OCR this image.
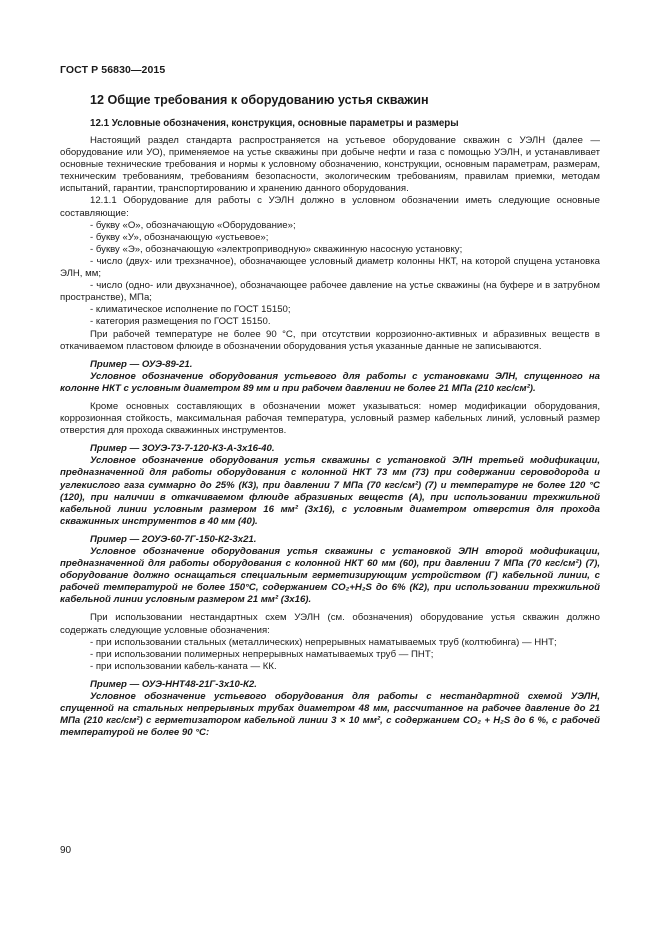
ГОСТ Р 56830—2015
12 Общие требования к оборудованию устья скважин
12.1 Условные обозначения, конструкция, основные параметры и размеры

Настоящий раздел стандарта распространяется на устьевое оборудование скважин с УЭЛН (далее — оборудование или УО), применяемое на устье скважины при добыче нефти и газа с помощью УЭЛН, и устанавливает основные технические требования и нормы к условному обозначению, конструкции, основным параметрам, размерам, техническим требованиям, требованиям безопасности, экологическим требованиям, правилам приемки, методам испытаний, гарантии, транспортированию и хранению данного оборудования.

12.1.1 Оборудование для работы с УЭЛН должно в условном обозначении иметь следующие основные составляющие:

- букву «О», обозначающую «Оборудование»;

- букву «У», обозначающую «устьевое»;

- букву «Э», обозначающую «электроприводную» скважинную насосную установку;

- число (двух- или трехзначное), обозначающее условный диаметр колонны НКТ, на которой спущена установка ЭЛН, мм;

- число (одно- или двухзначное), обозначающее рабочее давление на устье скважины (на буфере и в затрубном пространстве), МПа;

- климатическое исполнение по ГОСТ 15150;

- категория размещения по ГОСТ 15150.

При рабочей температуре не более 90 °С, при отсутствии коррозионно-активных и абразивных веществ в откачиваемом пластовом флюиде в обозначении оборудования устья указанные данные не записываются.

Пример — ОУЭ-89-21.

Условное обозначение оборудования устьевого для работы с установками ЭЛН, спущенного на колонне НКТ с условным диаметром 89 мм и при рабочем давлении не более 21 МПа (210 кгс/см²).

Кроме основных составляющих в обозначении может указываться: номер модификации оборудования, коррозионная стойкость, максимальная рабочая температура, условный размер кабельных линий, условный размер отверстия для прохода скважинных инструментов.

Пример — 3ОУЭ-73-7-120-К3-А-3х16-40.

Условное обозначение оборудования устья скважины с установкой ЭЛН третьей модификации, предназначенной для работы оборудования с колонной НКТ 73 мм (73) при содержании сероводорода и углекислого газа суммарно до 25% (К3), при давлении 7 МПа (70 кгс/см²) (7) и температуре не более 120 °С (120), при наличии в откачиваемом флюиде абразивных веществ (А), при использовании трехжильной кабельной линии условным размером 16 мм² (3х16), с условным диаметром отверстия для прохода скважинных инструментов в 40 мм (40).

Пример — 2ОУЭ-60-7Г-150-К2-3х21.

Условное обозначение оборудования устья скважины с установкой ЭЛН второй модификации, предназначенной для работы оборудования с колонной НКТ 60 мм (60), при давлении 7 МПа (70 кгс/см²) (7), оборудование должно оснащаться специальным герметизирующим устройством (Г) кабельной линии, с рабочей температурой не более 150°С, содержанием CO₂+H₂S до 6% (К2), при использовании трехжильной кабельной линии условным размером 21 мм² (3х16).

При использовании нестандартных схем УЭЛН (см. обозначения) оборудование устья скважин должно содержать следующие условные обозначения:

- при использовании стальных (металлических) непрерывных наматываемых труб (колтюбинга) — ННТ;

- при использовании полимерных непрерывных наматываемых труб — ПНТ;

- при использовании кабель-каната — КК.

Пример — ОУЭ-ННТ48-21Г-3х10-К2.

Условное обозначение устьевого оборудования для работы с нестандартной схемой УЭЛН, спущенной на стальных непрерывных трубах диаметром 48 мм, рассчитанное на рабочее давление до 21 МПа (210 кгс/см²) с герметизатором кабельной линии 3 × 10 мм², с содержанием CO₂ + H₂S до 6 %, с рабочей температурой не более 90 °С:

90
